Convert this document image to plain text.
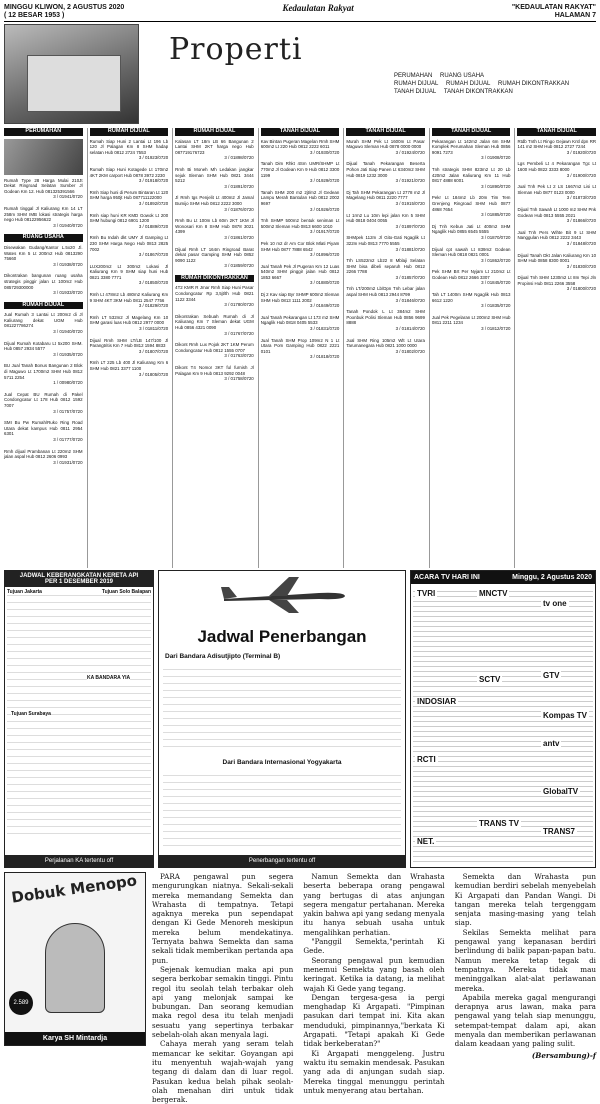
MINGGU KLIWON, 2 AGUSTUS 2020
( 12 BESAR 1953 )
Kedaulatan Rakyat	"KEDAULATAN RAKYAT"
HALAMAN 7
Properti
PERUMAHAN RUANG USAHA
RUMAH DIJUAL RUMAH DIJUAL RUMAH DIKONTRAKKAN
TANAH DIJUAL TANAH DIKONTRAKKAN
PERUMAHAN
Rumah Type 28 Harga Mulai 210Jt Dekat Ringroad Selatan Sumber Jl Godean Km 12. Hub 081325391566
3 / 01941/0720
Rumah tinggal Jl Kaliurang Km 14 LT 258m SHM IMB lokasi strategis harga nego Hub 08122956622
3 / 01940/0720
RUANG USAHA
Disewakan Gudang/Kantor L.5x20 Jl. Wates Km 5 Lt 200m2 Hub 0813290 75660
3 / 01938/0720
Dikontrakan bangunan ruang usaha strategis pinggir jalan Lt 100m2 Hub 085729300000
3 / 01933/0720
RUMAH DIJUAL
Jual Rumah 3 Lantai Lt 200m2 di Jl Kaliurang dekat UGM Hub 081227786274
3 / 01940/0720
Dijual Rumah Kotabaru Lt 5x200 SHM. Hub 0857 2934 5577
3 / 01935/0720
BU Jual Tanah Bonus Bangunan 2 Blok di Maguwo Lt 1700m2 SHM Hub 0812 5711 2254
1 / 00980/0720
Jual Cepat BU Rumah di Pakel Condongcatur Lt 178 Hub 0812 1592 7007
3 / 01757/0720
SMI Bu Pw Rumah/Ruko Ring Road Utara dekat kampus Hub 0811 2954 6301
3 / 01777/0720
Rmh dijual Prambanan Lt 220m2 SHM jalan aspal Hub 0812 2606 0993
3 / 01931/0720
RUMAH DIJUAL
Rumah Siap Huni 2 Lantai Lt 196 Lb 120 Jl Palagan Km 8 SHM hadap selatan Hub 0812 2724 7553
3 / 01923/0720
Rumah Siap Huni Kotagede Lt 170m2 4KT 2KM carport Hub 0878 3972 2230
3 / 01918/0720
Rmh Siap huni di Perum Bintaran Lt 120 SHM harga 950jt Hub 087711122000
3 / 01892/0720
Rmh siap huni KR KMD Gowok Lt 200 SHM hubungi 0812 6901 1200
3 / 01889/0720
Rmh Bu Indah dkt UMY Jl Gamping Lt 230 SHM Harga Nego Hub 0813 2825 7002
3 / 01867/0720
LUX200m2 Lt 300m2 Lokasi Jl Kaliurang Km 9 SHM siap huni Hub 0821 3380 7771
3 / 01850/0720
Rmh Lt 478m2 Lb 480m2 Kaliurang Km 9 SHM 4KT 3KM Hub 0811 2547 7756
3 / 01829/0720
Rmh LT 532m2 Jl Magelang Km 10 SHM garasi luas Hub 0812 2977 0000
3 / 01811/0720
Dijual Rmh SHM LT/LB 147/100 Jl Parangtritis Km 7 Hub 0812 1594 8833
3 / 01807/0720
Rmh LT 225 Lb 400 Jl Kaliurang Km 6 SHM Hub 0821 3377 1100
3 / 01805/0720
RUMAH DIJUAL
Kalasan LT 18m LB 66 Bangunan 2 Lantai SHM 2KT harga nego Hub 087719176723
3 / 01898/0720
Rmh Bi Moneh Mh Ledakan jangkar sejuk Sleman SHM Hub 0821 3444 5212
3 / 01891/0720
Jl Rmh tgs Penjelit Lt 400m2 Jl Jamal Bumijo SHM Hub 0812 2222 3000
3 / 01876/0720
Rmh Bu Lt 100m Lb 60m 2KT 1KM Jl Wonosari Km 8 SHM Hub 0878 3021 4399
3 / 01861/0720
Dijual Rmh LT 164m Ringroad Barat dekat pasar Gamping SHM Hub 0852 9090 1122
3 / 01859/0720
RUMAH DIKONTRAKKAN
4T2 KMR R Jmar Rmh Siap Huni Pasar Condongcatur Rp 3,5jt/th Hub 0821 1122 3344
3 / 01780/0720
Dikontrakan Sebuah Rumah di Jl Kaliurang Km 7 Sleman dekat UGM Hub 0856 4321 0090
3 / 01767/0720
Dikont Rmh Lux Pojok 2KT 1KM Perum Condongcatur Hub 0812 1555 0707
3 / 01763/0720
Dikont T4 Nomor 3KT ful furnish Jl Palagan Km 9 Hub 0813 9292 0048
3 / 01758/0720
TANAH DIJUAL
Kav Bintan Pugeran Magelan Rmh SHM 600m2 Lt 220 Hub 0812 2222 6011
3 / 01930/0720
Tanah Dim Rhkt 4Sm UMR/SHMP Lt 770m2 Jl Godean Km 9 Hub 0812 3300 1199
3 / 01929/0720
Tanah SHM 200 m2 2jt/m2 Jl Gedean Lampu Merah Bantulan Hub 0812 2002 9697
3 / 01926/0720
Tnh SHMP 500m2 bentuk seniman Lt 500m2 Sleman Hub 0813 6600 1010
3 / 01917/0720
Pek 10 m2 dr Am Cor Blok Mlati Piyam SHM Hub 0877 7888 6542
3 / 01896/0720
Jual Tanah Pek Jl Pugeran Km 12 Luas 540m2 SHM pinggir jalan Hub 0812 1853 6667
3 / 01880/0720
Dj 2 Kav siap Byr SHMP 600m2 Sleman SHM Hub 0813 1111 2002
3 / 01849/0720
Jual Tanah Pekarangan Lt 173 m2 SHM Ngaglik Hub 0818 0405 5533
3 / 01831/0720
Jual Tanah SHM Prop 109m2 N 1 Lt Utara Pom Gamping Hub 0822 2221 0101
3 / 01818/0720
TANAH DIJUAL
Murah SHM Pek Lt 1600m Lt Pasar Maguwo Sleman Hub 0878 0000 0000
3 / 01924/0720
Dijual Tanah Pekarangan Beserta Pohon Jati Siap Panen Lt 6340m2 SHM Hub 0819 1232 3000
3 / 01921/0720
Dj Tah SHM Pekarangan Lt 2778 m2 Jl Magelang Hub 0811 2220 7777
3 / 01915/0720
Lt 1rm2 Lu 10m lepi jalan Km 5 SHM Hub 0818 0404 0055
3 / 01897/0720
SHMpek 112m Jl Gito-Gati Ngaglik Lt 322m Hub 0813 7770 5555
3 / 01881/0720
Trh LS522m2 Lb22 8 Mblaji Selatan SHM bisa dibeli separuh Hub 0812 2266 7788
3 / 01857/0720
Tnh LT/200m2 Lb/Dpn Tnh Lebar jalan aspal SHM Hub 0813 2944 8799
3 / 01846/0720
Tanah Pondok L Lt 384m2 SHM Poonbuk Polisi Sleman Hub 0856 9699 8888
3 / 01814/0720
Jual SHM Ring 105m2 Wlt Lt Utara Tarumanegara Hub 0821 1000 0000
3 / 01802/0720
TANAH DIJUAL
Pekarangan Lt 142m2 Jalan 6m SHM Komplek Perumahan Sleman Hub 0856 9091 7273
3 / 01908/0720
Tnh strategis SHM 823m2 Lt 20 Lb 420m2 Jalan Kaliurang Km 11 Hub 0817 4888 6001
3 / 01890/0720
Pekr Lt 184m2 Lb 20m Tim Tem Grenjeng Ringroad SHM Hub 0877 4868 7654
3 / 01885/0720
Dj Tnh Kebun Jati Lt 400m2 SHM Ngaglik Hub 0855 6545 5555
3 / 01870/0720
Dijual cpt sawah Lt 839m2 Godean Sleman Hub 0818 0821 0001
3 / 01862/0720
Pek SHM Brt Per Nyjam Lt 210m2 Lt Godean Hub 0812 2666 3307
3 / 01845/0720
Tah LT 1400m SHM Ngaglik Hub 0813 6612 1220
3 / 01835/0720
Jual Pek Pegelaran Lt 200m2 SHM Hub 0811 2211 1234
3 / 01812/0720
TANAH DIJUAL
Rtdb Tnth Lt Ringo Gejawn Kntl dpn RR 141 m2 SHM Hub 0812 2727 7244
3 / 01920/0720
Lgs Pembeli Lt 4 Pekarangan Tgc Lt 1600 Hub 0822 3333 8000
3 / 01900/0720
Jual Tnh Pek Lt 2 LS 1667m2 Lisi Lt Sleman Hub 0877 0123 0000
3 / 01873/0720
Dijual Tnh Sawah Lt 1000 m2 SHM Pnk Godean Hub 0813 5555 2021
3 / 01866/0720
Jual Tnh Pers Wihte Bit 9 Lt SHM Nanggulan Hub 0812 2222 3443
3 / 01848/0720
Dijual Tanah Dkt Jalan Kaliurang Km 10 SHM Hub 0858 8300 0001
3 / 01830/0720
Dijual Tnh SHM 1230m2 Lt 8m Tepi Jln Propinsi Hub 0811 2266 3558
3 / 01800/0720
JADWAL KEBERANGKATAN KERETA API
PER 1 DESEMBER 2019
Tujuan Jakarta	Tujuan Solo Balapan
Tujuan Surabaya
KA BANDARA YIA
Perjalanan KA tertentu off
Jadwal Penerbangan
Dari Bandara Adisutjipto (Terminal B)
Dari Bandara Internasional Yogyakarta
Penerbangan tertentu off
ACARA TV HARI INI	Minggu, 2 Agustus 2020
TVRI	MNCTV
SCTV
INDOSIAR
RCTI
TRANS TV
NET.
tv one
GTV
Kompas TV
antv
GlobalTV
TRANS7
Dobuk Menopo
2.589
Karya SH Mintardja

PARA pengawal pun segera mengurungkan niatnya. Sekali-sekali mereka memandang Semekta dan Wrahasta di tempatnya. Tetapi agaknya mereka pun sependapat dengan Ki Gede Menoreh meskipun mereka belum mendekatinya. Ternyata bahwa Semekta dan sama sekali tidak memberikan pertanda apa pun.

Sejenak kemudian maka api pun segera berkobar semakin tinggi. Pintu regol itu seolah telah terbakar oleh api yang melonjak sampai ke bubungan. Dan seorang kemudian maka regol desa itu telah menjadi sesuatu yang sepertinya terbakar sebelah-olah akan menyala lagi.

Cahaya merah yang seram telah memancar ke sekitar. Goyangan api itu menyentuh wajah-wajah yang tegang di dalam dan di luar regol. Pasukan kedua belah pihak seolah-olah menahan diri untuk tidak bergerak.

Namun Semekta dan Wrahasta beserta beberapa orang pengawal yang bertugas di atas anjungan segera mengatur pertahanan. Mereka yakin bahwa api yang sedang menyala itu hanya sebuah usaha untuk mengalihkan perhatian.

"Panggil Semekta,"perintah Ki Gede.

Seorang pengawal pun kemudian menemui Semekta yang basah oleh keringat. Ketika ia datang, ia melihat wajah Ki Gede yang tegang.

Dengan tergesa-gesa ia pergi menghadap Ki Argapati. "Pimpinan pasukan dari tempat ini. Kita akan menduduki, pimpinannya,"berkata Ki Argapati. "Tetapi apakah Ki Gede tidak berkeberatan?"

Ki Argapati menggeleng. Justru waktu itu semakin mendesak. Pasukan yang ada di anjungan sudah siap. Mereka tinggal menunggu perintah untuk menyerang atau bertahan.

Semekta dan Wrahasta pun kemudian berdiri sebelah menyebelah Ki Argapati dan Pandan Wangi. Di tangan mereka telah tergenggam senjata masing-masing yang telah siap.

Sekilas Semekta melihat para pengawal yang kepanasan berdiri berlindung di balik papan-papan batu. Namun mereka tetap tegak di tempatnya. Mereka tidak mau meninggalkan alat-alat perlawanan mereka.

Apabila mereka gagal mengurangi derapnya arus lawan, maka para pengawal yang telah siap menunggu, setempat-tempat dalam api, akan menyala dan memberikan perlawanan dalam keadaan yang paling sulit.

(Bersambung)-f
